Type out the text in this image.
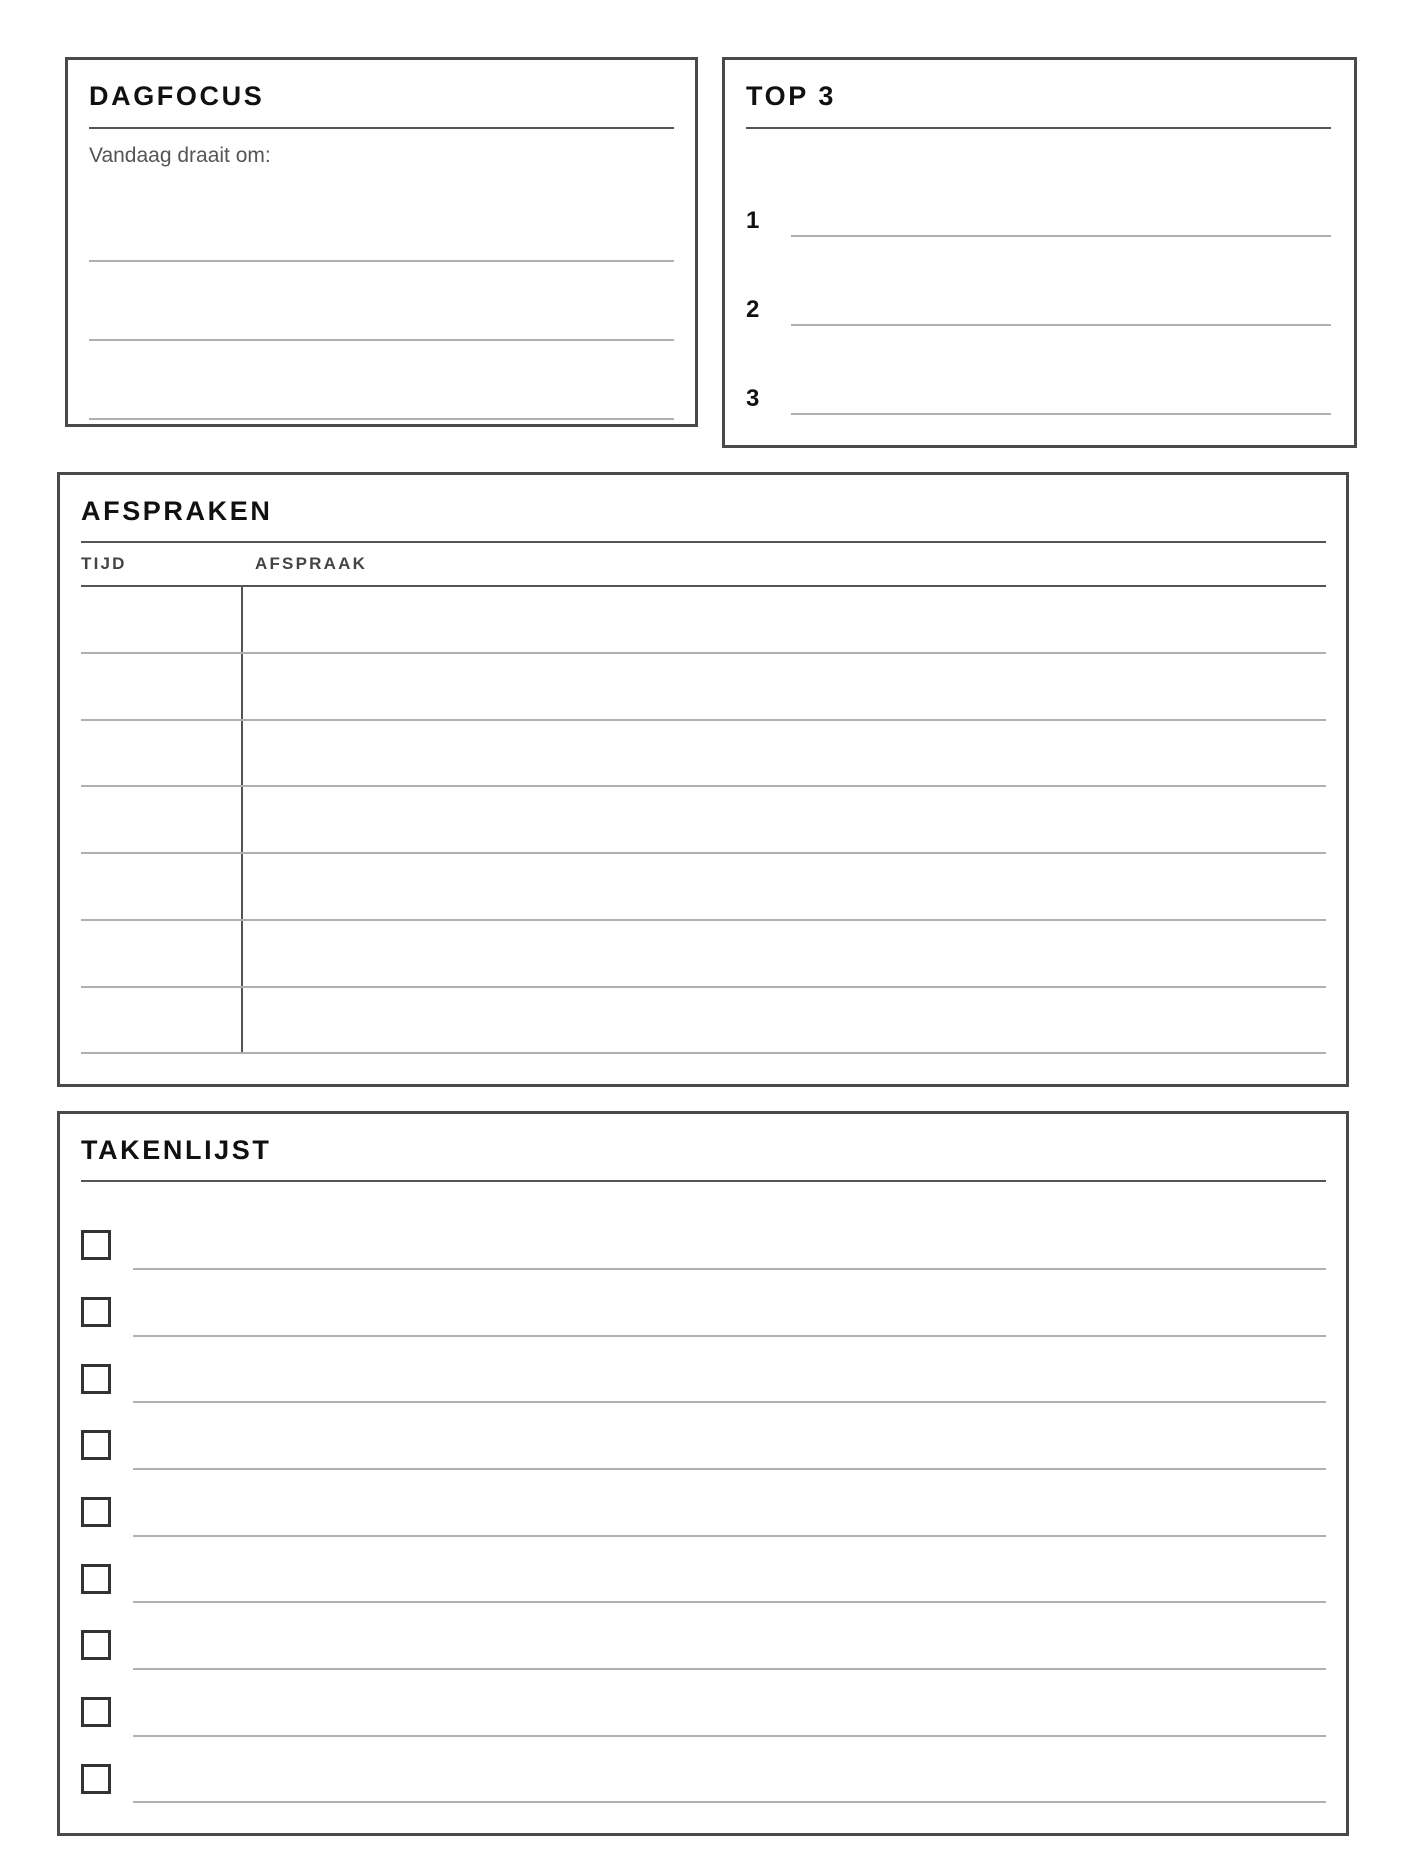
DAGFOCUS
Vandaag draait om:
TOP 3
1
2
3
AFSPRAKEN
TIJD	AFSPRAAK
TAKENLIJST
